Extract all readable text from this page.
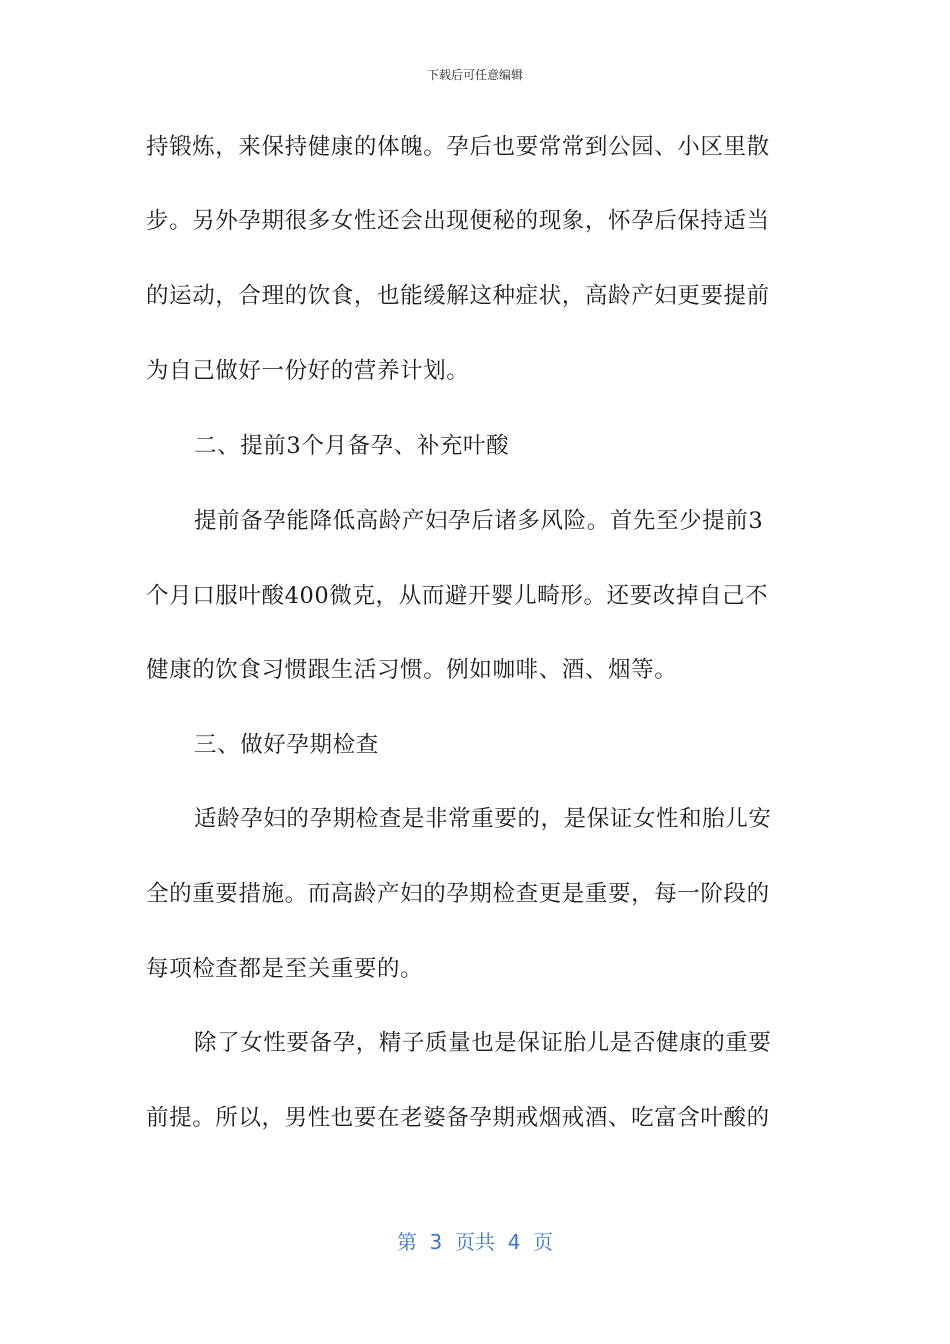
下载后可任意编辑
持锻炼，来保持健康的体魄。孕后也要常常到公园、小区里散
步。另外孕期很多女性还会出现便秘的现象，怀孕后保持适当
的运动，合理的饮食，也能缓解这种症状，高龄产妇更要提前
为自己做好一份好的营养计划。
二、提前3个月备孕、补充叶酸
提前备孕能降低高龄产妇孕后诸多风险。首先至少提前3
个月口服叶酸400微克，从而避开婴儿畸形。还要改掉自己不
健康的饮食习惯跟生活习惯。例如咖啡、酒、烟等。
三、做好孕期检查
适龄孕妇的孕期检查是非常重要的，是保证女性和胎儿安
全的重要措施。而高龄产妇的孕期检查更是重要，每一阶段的
每项检查都是至关重要的。
除了女性要备孕，精子质量也是保证胎儿是否健康的重要
前提。所以，男性也要在老婆备孕期戒烟戒酒、吃富含叶酸的
第  3  页共  4  页
